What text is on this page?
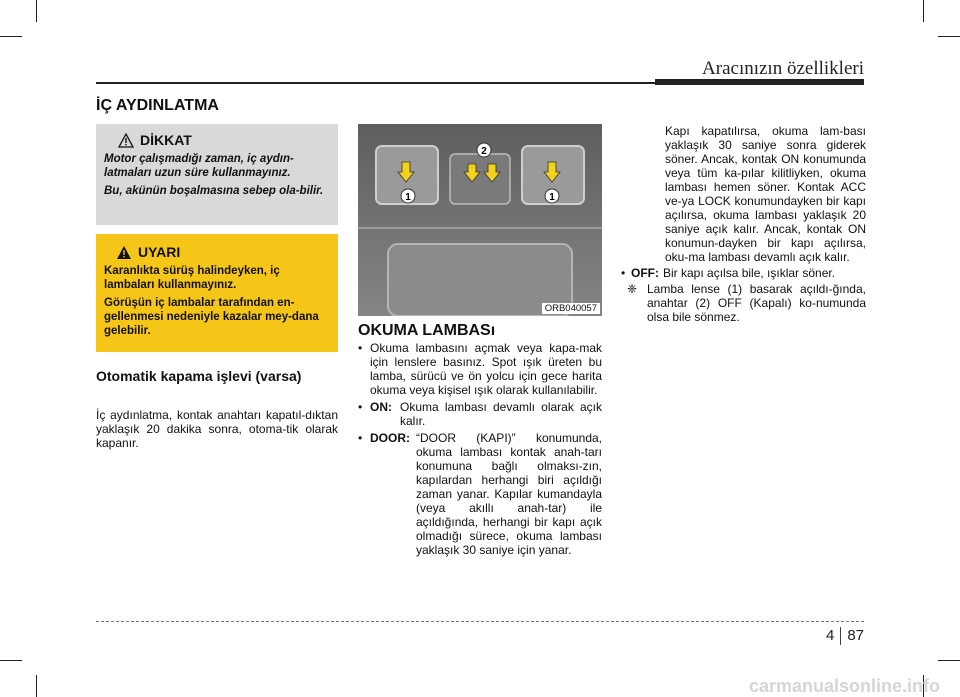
Aracınızın özellikleri
İÇ AYDINLATMA
DİKKAT
Motor çalışmadığı zaman, iç aydın-latmaları uzun süre kullanmayınız.
Bu, akünün boşalmasına sebep ola-bilir.
UYARI
Karanlıkta sürüş halindeyken, iç lambaları kullanmayınız.
Görüşün iç lambalar tarafından en-gellenmesi nedeniyle kazalar mey-dana gelebilir.
Otomatik kapama işlevi (varsa)
İç aydınlatma, kontak anahtarı kapatıl-dıktan yaklaşık 20 dakika sonra, otoma-tik olarak kapanır.
1	1
2
ORB040057
OKUMA LAMBASı
• Okuma lambasını açmak veya kapa-mak için lenslere basınız. Spot ışık üreten bu lamba, sürücü ve ön yolcu için gece harita okuma veya kişisel ışık olarak kullanılabilir.
• ON: Okuma lambası devamlı olarak açık kalır.
• DOOR: “DOOR (KAPI)” konumunda, okuma lambası kontak anah-tarı konumuna bağlı olmaksı-zın, kapılardan herhangi biri açıldığı zaman yanar. Kapılar kumandayla (veya akıllı anah-tar) ile açıldığında, herhangi bir kapı açık olmadığı sürece, okuma lambası yaklaşık 30 saniye için yanar.
Kapı kapatılırsa, okuma lam-bası yaklaşık 30 saniye sonra giderek söner. Ancak, kontak ON konumunda veya tüm ka-pılar kilitliyken, okuma lambası hemen söner. Kontak ACC ve-ya LOCK konumundayken bir kapı açılırsa, okuma lambası yaklaşık 20 saniye açık kalır. Ancak, kontak ON konumun-dayken bir kapı açılırsa, oku-ma lambası devamlı açık kalır.
• OFF: Bir kapı açılsa bile, ışıklar söner.
❈ Lamba lense (1) basarak açıldı-ğında, anahtar (2) OFF (Kapalı) ko-numunda olsa bile sönmez.
4 87
carmanualsonline.info
